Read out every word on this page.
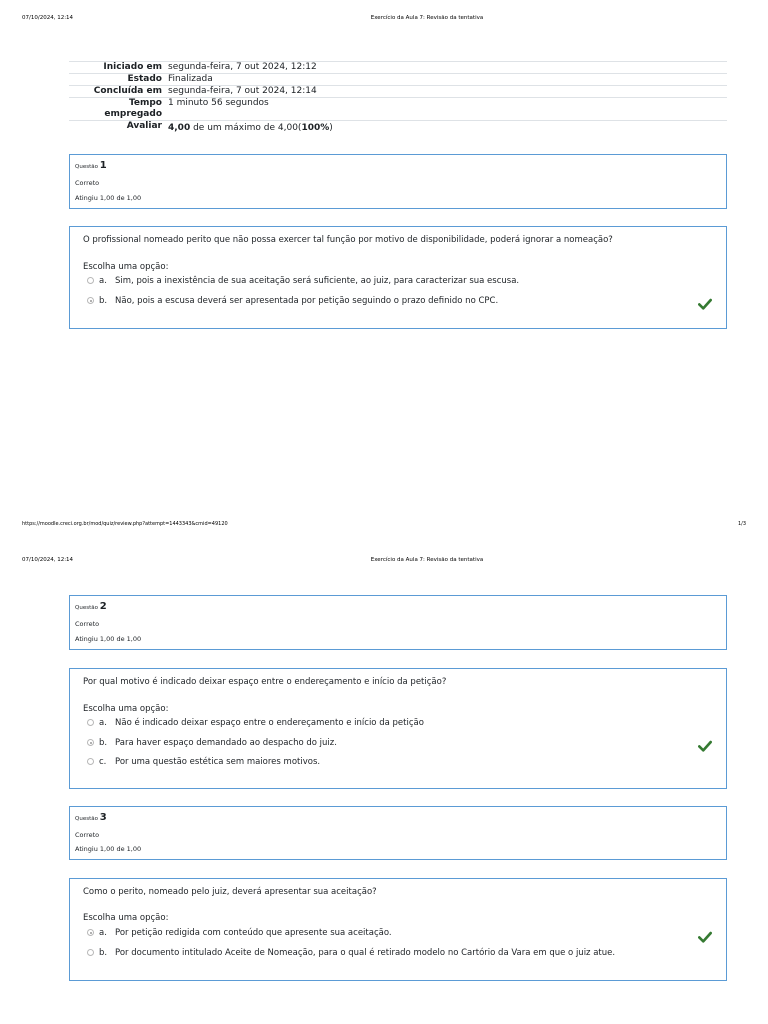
07/10/2024, 12:14	Exercício da Aula 7: Revisão da tentativa
Iniciado em	segunda-feira, 7 out 2024, 12:12
Estado	Finalizada
Concluída em	segunda-feira, 7 out 2024, 12:14
Tempo
empregado	1 minuto 56 segundos
Avaliar	4,00 de um máximo de 4,00(100%)
Questão 1
Correto
Atingiu 1,00 de 1,00
O profissional nomeado perito que não possa exercer tal função por motivo de disponibilidade, poderá ignorar a nomeação?
Escolha uma opção:
a. Sim, pois a inexistência de sua aceitação será suficiente, ao juiz, para caracterizar sua escusa.
b. Não, pois a escusa deverá ser apresentada por petição seguindo o prazo definido no CPC.
https://moodle.creci.org.br/mod/quiz/review.php?attempt=1443343&cmid=49120	1/3
07/10/2024, 12:14	Exercício da Aula 7: Revisão da tentativa
Questão 2
Correto
Atingiu 1,00 de 1,00
Por qual motivo é indicado deixar espaço entre o endereçamento e início da petição?
Escolha uma opção:
a. Não é indicado deixar espaço entre o endereçamento e início da petição
b. Para haver espaço demandado ao despacho do juiz.
c. Por uma questão estética sem maiores motivos.
Questão 3
Correto
Atingiu 1,00 de 1,00
Como o perito, nomeado pelo juiz, deverá apresentar sua aceitação?
Escolha uma opção:
a. Por petição redigida com conteúdo que apresente sua aceitação.
b. Por documento intitulado Aceite de Nomeação, para o qual é retirado modelo no Cartório da Vara em que o juiz atue.
